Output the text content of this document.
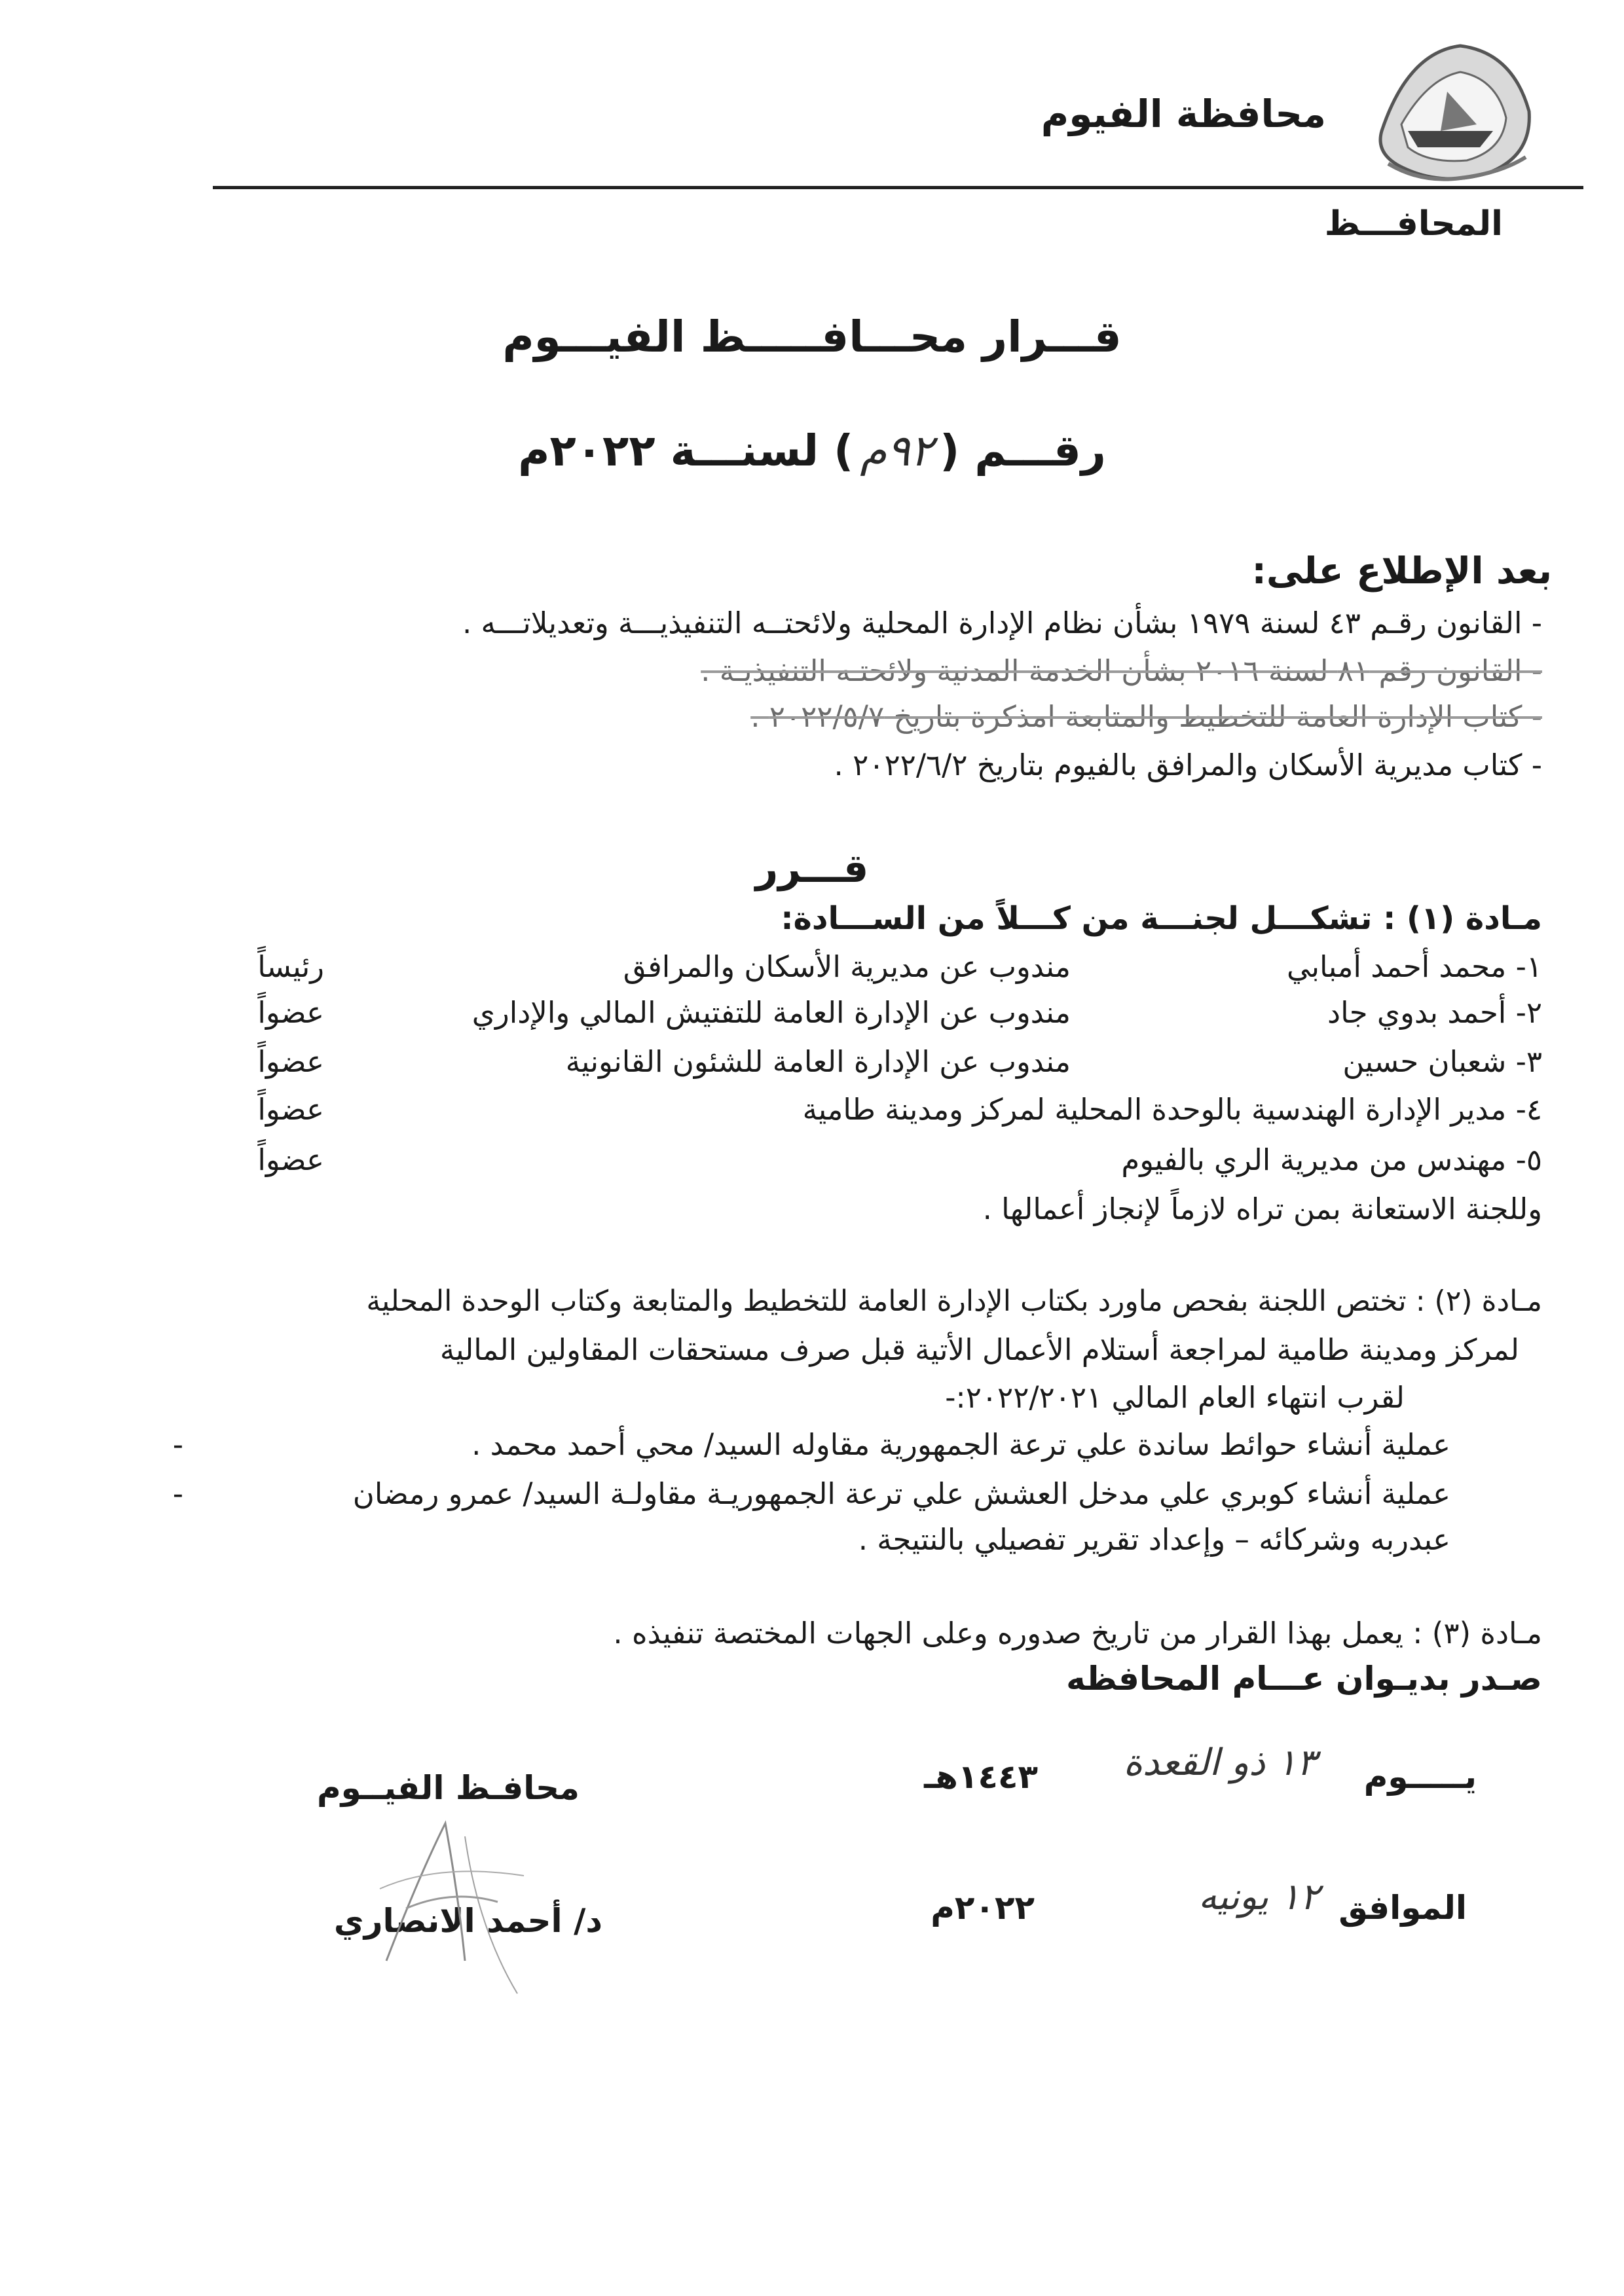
محافظة الفيوم
المحافـــظ
قـــرار محـــافـــــظ الفيـــوم
رقـــم (٩٢م) لسنـــة ٢٠٢٢م
بعد الإطلاع على:
- القانون رقـم ٤٣ لسنة ١٩٧٩ بشأن نظام الإدارة المحلية ولائحتــه التنفيذيـــة وتعديلاتـــه .
- القانون رقم ٨١ لسنة ٢٠١٦ بشأن الخدمة المدنية ولائحتـه التنفيذيـة .
- كتاب الإدارة العامة للتخطيط والمتابعة امذكرة بتاريخ ٢٠٢٢/٥/٧ .
- كتاب مديرية الأسكان والمرافق بالفيوم بتاريخ ٢٠٢٢/٦/٢ .
قـــرر
مـادة (١) : تشكـــل لجنـــة من كـــلاً من الســـادة:
١- محمد أحمد أمبابي
مندوب عن مديرية الأسكان والمرافق
رئيساً
٢- أحمد بدوي جاد
مندوب عن الإدارة العامة للتفتيش المالي والإداري
عضواً
٣- شعبان حسين
مندوب عن الإدارة العامة للشئون القانونية
عضواً
٤- مدير الإدارة الهندسية بالوحدة المحلية لمركز ومدينة طامية
عضواً
٥- مهندس من مديرية الري بالفيوم
عضواً
وللجنة الاستعانة بمن تراه لازماً لإنجاز أعمالها .
مـادة (٢) : تختص اللجنة بفحص ماورد بكتاب الإدارة العامة للتخطيط والمتابعة وكتاب الوحدة المحلية
لمركز ومدينة طامية لمراجعة أستلام الأعمال الأتية قبل صرف مستحقات المقاولين المالية
لقرب انتهاء العام المالي ٢٠٢٢/٢٠٢١:-
-	عملية أنشاء حوائط ساندة علي ترعة الجمهورية مقاوله السيد/ محي أحمد محمد .
-	عملية أنشاء كوبري علي مدخل العشش علي ترعة الجمهوريـة مقاولـة السيد/ عمرو رمضان
عبدربه وشركائه – وإعداد تقرير تفصيلي بالنتيجة .
مـادة (٣) : يعمل بهذا القرار من تاريخ صدوره وعلى الجهات المختصة تنفيذه .
صـدر بديـوان عـــام المحافظه
يـــــوم
١٣ ذو القعدة
١٤٤٣هـ
الموافق
١٢ يونيه
٢٠٢٢م
محافـظ الفيــوم
د/ أحمد الانصاري
